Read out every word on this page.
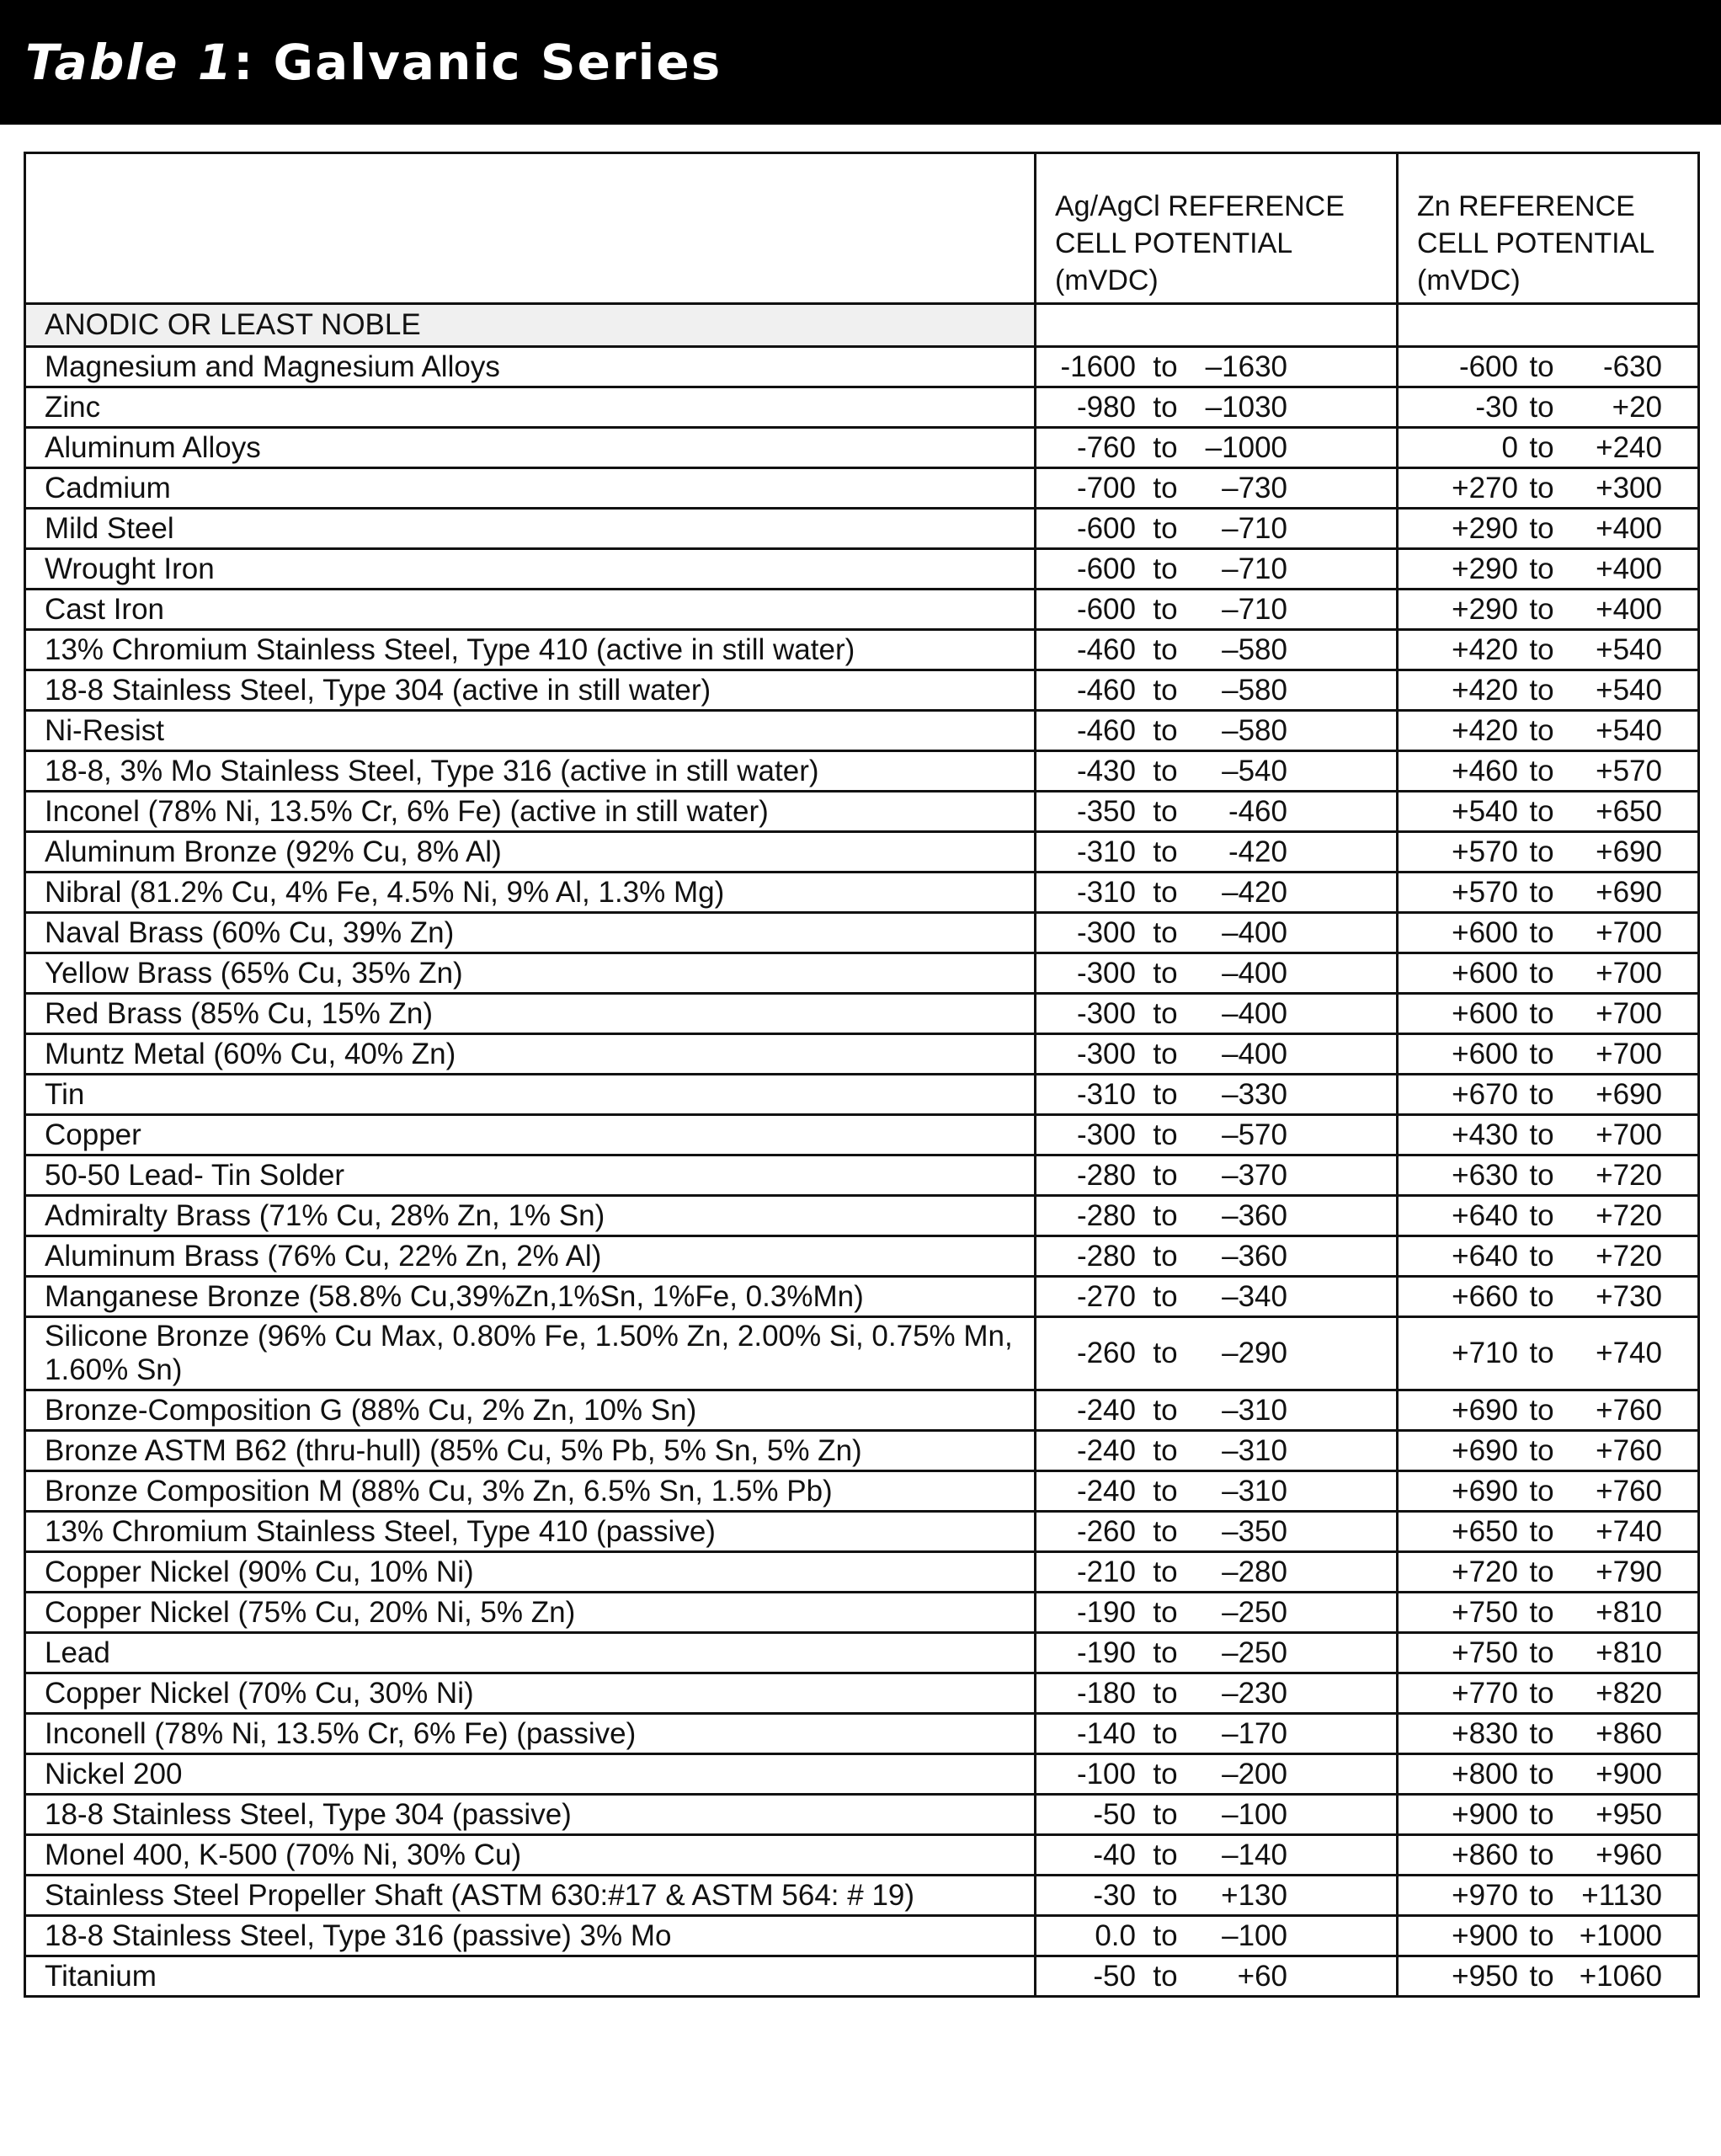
Table 1: Galvanic Series
	Ag/AgCl REFERENCE CELL POTENTIAL (mVDC)	Zn REFERENCE CELL POTENTIAL (mVDC)
ANODIC OR LEAST NOBLE		
Magnesium and Magnesium Alloys	-1600 to –1630	-600 to -630

Zinc	-980 to –1030	-30 to +20

Aluminum Alloys	-760 to –1000	0 to +240

Cadmium	-700 to –730	+270 to +300

Mild Steel	-600 to –710	+290 to +400

Wrought Iron	-600 to –710	+290 to +400

Cast Iron	-600 to –710	+290 to +400

13% Chromium Stainless Steel, Type 410 (active in still water)	-460 to –580	+420 to +540

18-8 Stainless Steel, Type 304 (active in still water)	-460 to –580	+420 to +540

Ni-Resist	-460 to –580	+420 to +540

18-8, 3% Mo Stainless Steel, Type 316 (active in still water)	-430 to –540	+460 to +570

Inconel (78% Ni, 13.5% Cr, 6% Fe) (active in still water)	-350 to -460	+540 to +650

Aluminum Bronze (92% Cu, 8% Al)	-310 to -420	+570 to +690

Nibral (81.2% Cu, 4% Fe, 4.5% Ni, 9% Al, 1.3% Mg)	-310 to –420	+570 to +690

Naval Brass (60% Cu, 39% Zn)	-300 to –400	+600 to +700

Yellow Brass (65% Cu, 35% Zn)	-300 to –400	+600 to +700

Red Brass (85% Cu, 15% Zn)	-300 to –400	+600 to +700

Muntz Metal (60% Cu, 40% Zn)	-300 to –400	+600 to +700

Tin	-310 to –330	+670 to +690

Copper	-300 to –570	+430 to +700

50-50 Lead- Tin Solder	-280 to –370	+630 to +720

Admiralty Brass (71% Cu, 28% Zn, 1% Sn)	-280 to –360	+640 to +720

Aluminum Brass (76% Cu, 22% Zn, 2% Al)	-280 to –360	+640 to +720

Manganese Bronze (58.8% Cu,39%Zn,1%Sn, 1%Fe, 0.3%Mn)	-270 to –340	+660 to +730

Silicone Bronze (96% Cu Max, 0.80% Fe, 1.50% Zn, 2.00% Si, 0.75% Mn, 1.60% Sn)	-260 to –290	+710 to +740

Bronze-Composition G (88% Cu, 2% Zn, 10% Sn)	-240 to –310	+690 to +760

Bronze ASTM B62 (thru-hull) (85% Cu, 5% Pb, 5% Sn, 5% Zn)	-240 to –310	+690 to +760

Bronze Composition M (88% Cu, 3% Zn, 6.5% Sn, 1.5% Pb)	-240 to –310	+690 to +760

13% Chromium Stainless Steel, Type 410 (passive)	-260 to –350	+650 to +740

Copper Nickel (90% Cu, 10% Ni)	-210 to –280	+720 to +790

Copper Nickel (75% Cu, 20% Ni, 5% Zn)	-190 to –250	+750 to +810

Lead	-190 to –250	+750 to +810

Copper Nickel (70% Cu, 30% Ni)	-180 to –230	+770 to +820

Inconell (78% Ni, 13.5% Cr, 6% Fe) (passive)	-140 to –170	+830 to +860

Nickel 200	-100 to –200	+800 to +900

18-8 Stainless Steel, Type 304 (passive)	-50 to –100	+900 to +950

Monel 400, K-500 (70% Ni, 30% Cu)	-40 to –140	+860 to +960

Stainless Steel Propeller Shaft (ASTM 630:#17 & ASTM 564: # 19)	-30 to +130	+970 to +1130

18-8 Stainless Steel, Type 316 (passive) 3% Mo	0.0 to –100	+900 to +1000

Titanium	-50 to +60	+950 to +1060
